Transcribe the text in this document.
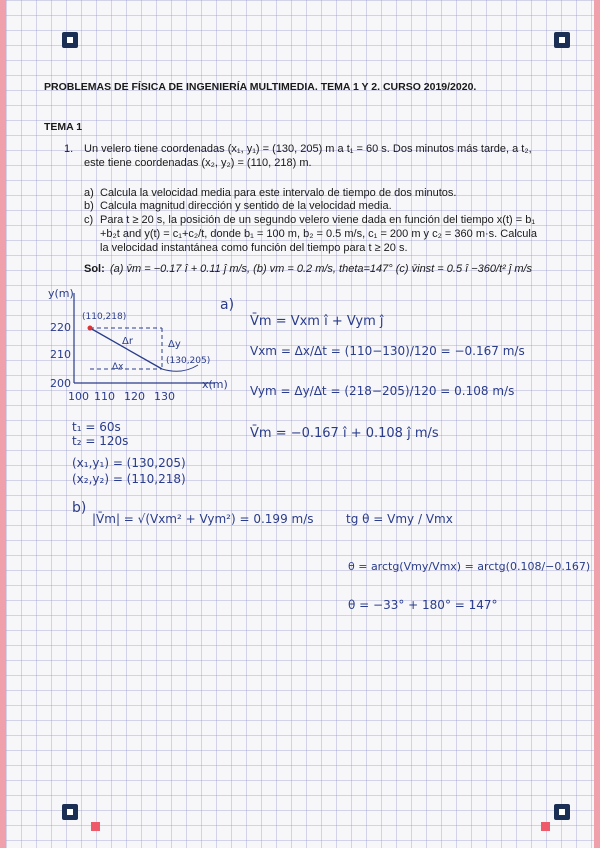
PROBLEMAS DE FÍSICA DE INGENIERÍA MULTIMEDIA. TEMA 1 Y 2. CURSO 2019/2020.
TEMA 1
1. Un velero tiene coordenadas (x₁, y₁) = (130, 205) m a t₁ = 60 s. Dos minutos más tarde, a t₂, este tiene coordenadas (x₂, y₂) = (110, 218) m.
a) Calcula la velocidad media para este intervalo de tiempo de dos minutos.
b) Calcula magnitud dirección y sentido de la velocidad media.
c) Para t ≥ 20 s, la posición de un segundo velero viene dada en función del tiempo x(t) = b₁ +b₂t and y(t) = c₁+c₂/t, donde b₁ = 100 m, b₂ = 0.5 m/s, c₁ = 200 m y c₂ = 360 m·s. Calcula la velocidad instantánea como función del tiempo para t ≥ 20 s.
Sol: (a) v̄m = −0.17 î + 0.11 ĵ m/s, (b) vm = 0.2 m/s, theta=147° (c) v̄inst = 0.5 î −360/t² ĵ m/s
y(m)
x(m)
220
210
200
100 110 120 130
(110,218)
(130,205)
Δy
Δx
Δr
a)
V̄m = Vxm î + Vym ĵ
Vxm = Δx/Δt = (110−130)/120 = −0.167 m/s
Vym = Δy/Δt = (218−205)/120 = 0.108 m/s
V̄m = −0.167 î + 0.108 ĵ m/s
t₁ = 60s
t₂ = 120s
(x₁,y₁) = (130,205)
(x₂,y₂) = (110,218)
b)
|V̄m| = √(Vxm² + Vym²) = 0.199 m/s	tg θ = Vmy / Vmx
θ = arctg(Vmy/Vmx) = arctg(0.108/−0.167)
θ = −33° + 180° = 147°
